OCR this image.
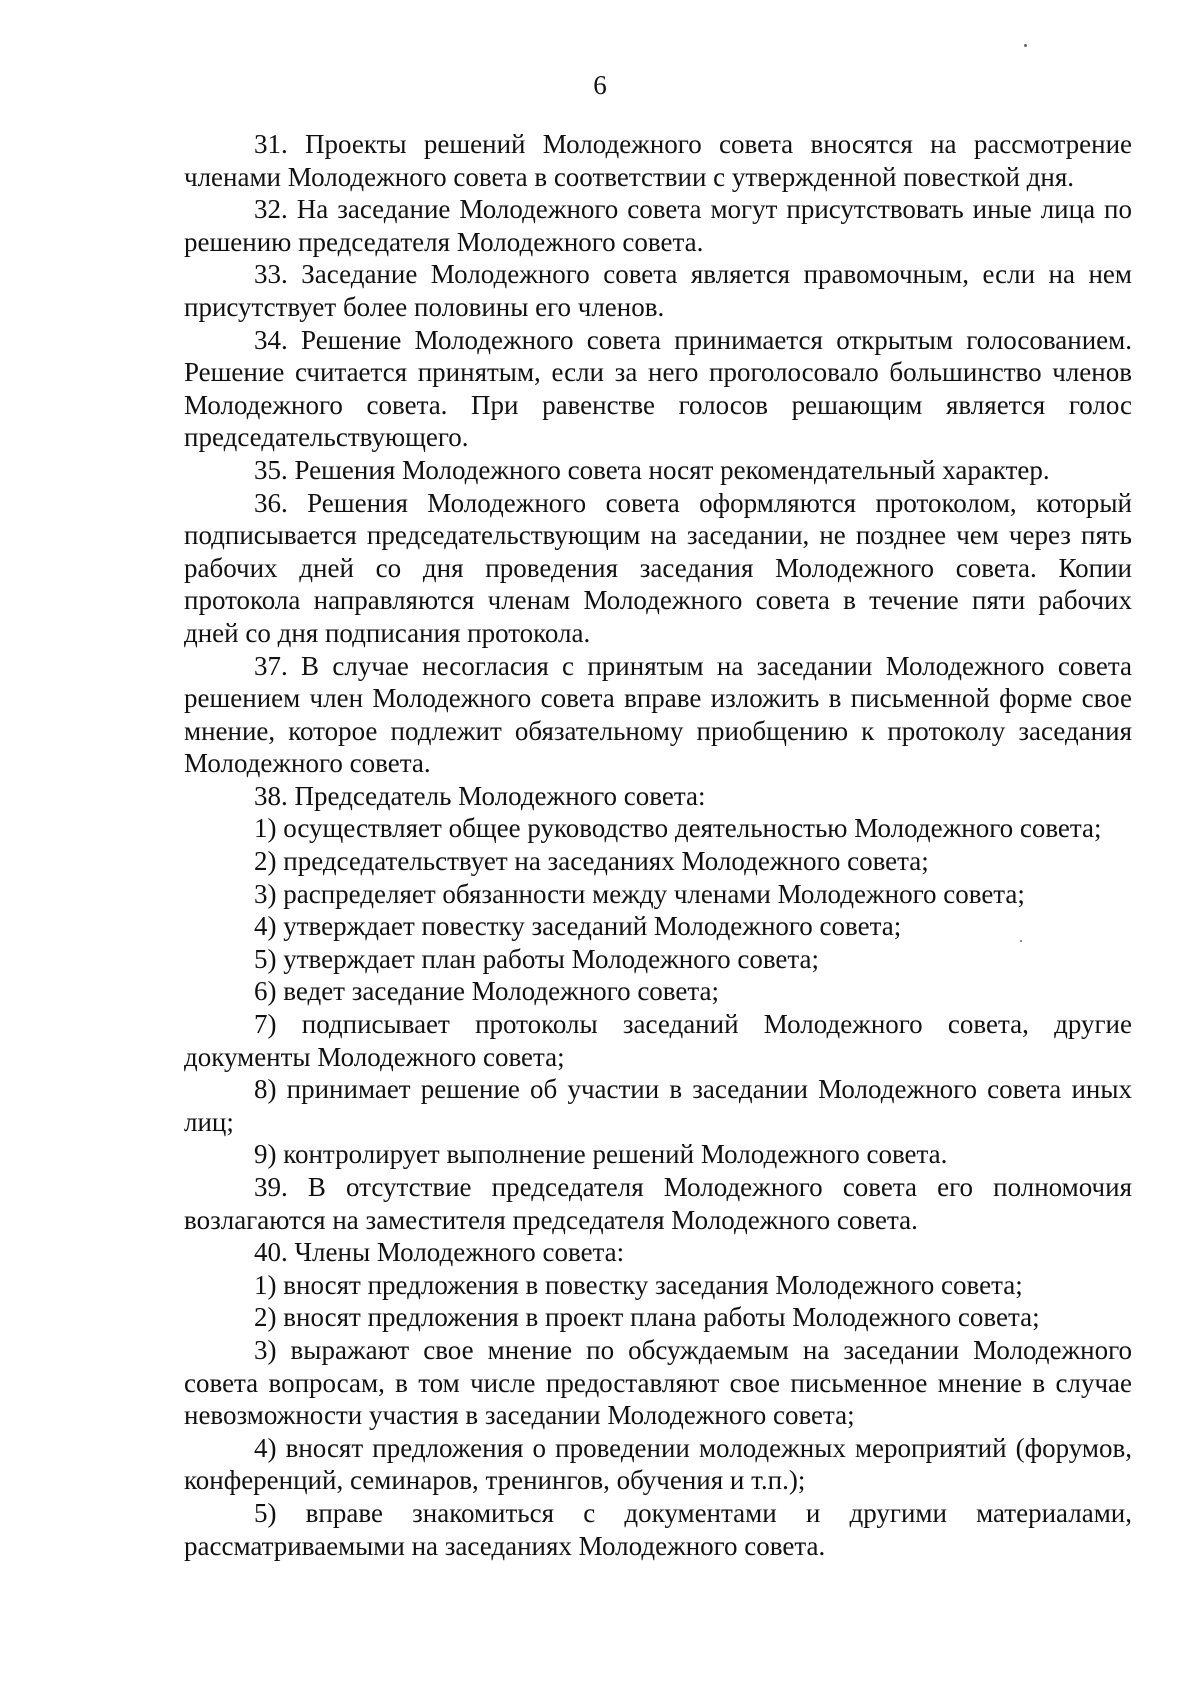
6

31. Проекты решений Молодежного совета вносятся на рассмотрение членами Молодежного совета в соответствии с утвержденной повесткой дня.

32. На заседание Молодежного совета могут присутствовать иные лица по решению председателя Молодежного совета.

33. Заседание Молодежного совета является правомочным, если на нем присутствует более половины его членов.

34. Решение Молодежного совета принимается открытым голосованием. Решение считается принятым, если за него проголосовало большинство членов Молодежного совета. При равенстве голосов решающим является голос председательствующего.

35. Решения Молодежного совета носят рекомендательный характер.

36. Решения Молодежного совета оформляются протоколом, который подписывается председательствующим на заседании, не позднее чем через пять рабочих дней со дня проведения заседания Молодежного совета. Копии протокола направляются членам Молодежного совета в течение пяти рабочих дней со дня подписания протокола.

37. В случае несогласия с принятым на заседании Молодежного совета решением член Молодежного совета вправе изложить в письменной форме свое мнение, которое подлежит обязательному приобщению к протоколу заседания Молодежного совета.

38. Председатель Молодежного совета:

1) осуществляет общее руководство деятельностью Молодежного совета;

2) председательствует на заседаниях Молодежного совета;

3) распределяет обязанности между членами Молодежного совета;

4) утверждает повестку заседаний Молодежного совета;

5) утверждает план работы Молодежного совета;

6) ведет заседание Молодежного совета;

7) подписывает протоколы заседаний Молодежного совета, другие документы Молодежного совета;

8) принимает решение об участии в заседании Молодежного совета иных лиц;

9) контролирует выполнение решений Молодежного совета.

39. В отсутствие председателя Молодежного совета его полномочия возлагаются на заместителя председателя Молодежного совета.

40. Члены Молодежного совета:

1) вносят предложения в повестку заседания Молодежного совета;

2) вносят предложения в проект плана работы Молодежного совета;

3) выражают свое мнение по обсуждаемым на заседании Молодежного совета вопросам, в том числе предоставляют свое письменное мнение в случае невозможности участия в заседании Молодежного совета;

4) вносят предложения о проведении молодежных мероприятий (форумов, конференций, семинаров, тренингов, обучения и т.п.);

5) вправе знакомиться с документами и другими материалами, рассматриваемыми на заседаниях Молодежного совета.
